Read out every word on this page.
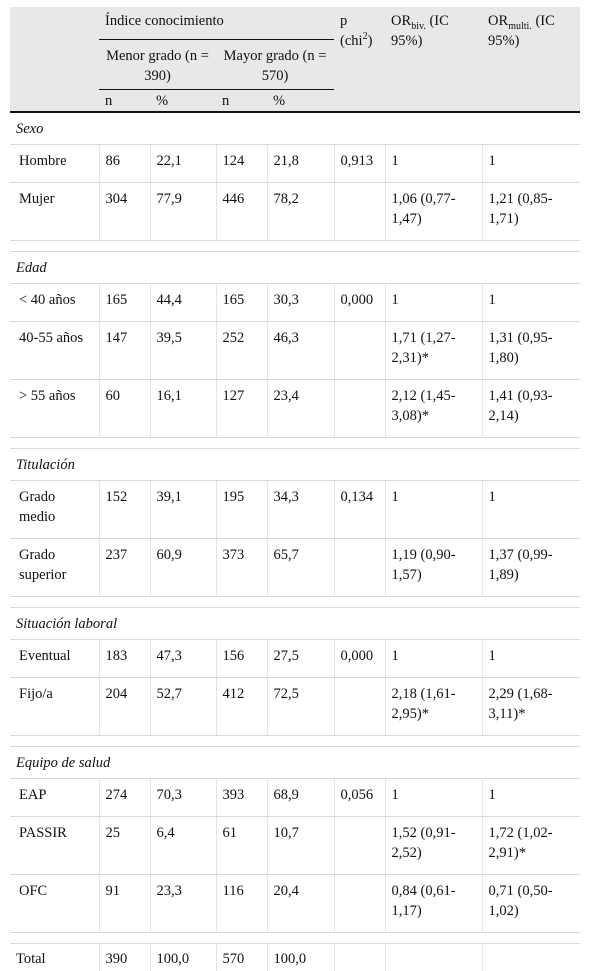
	Índice conocimiento				p (chi$^2$)	$OR_{biv.}$ (IC 95%)	$OR_{multi.}$ (IC 95%)
	Menor grado (n = 390)		Mayor grado (n = 570)				
	n	%	n	%			
Sexo							
Hombre	86	22,1	124	21,8	0,913	1	1
Mujer	304	77,9	446	78,2		1,06 (0,77-1,47)	1,21 (0,85-1,71)

Edad							
< 40 años	165	44,4	165	30,3	0,000	1	1
40-55 años	147	39,5	252	46,3		1,71 (1,27-2,31)*	1,31 (0,95-1,80)
> 55 años	60	16,1	127	23,4		2,12 (1,45-3,08)*	1,41 (0,93-2,14)

Titulación							
Grado medio	152	39,1	195	34,3	0,134	1	1
Grado superior	237	60,9	373	65,7		1,19 (0,90-1,57)	1,37 (0,99-1,89)

Situación laboral							
Eventual	183	47,3	156	27,5	0,000	1	1
Fijo/a	204	52,7	412	72,5		2,18 (1,61-2,95)*	2,29 (1,68-3,11)*

Equipo de salud							
EAP	274	70,3	393	68,9	0,056	1	1
PASSIR	25	6,4	61	10,7		1,52 (0,91-2,52)	1,72 (1,02-2,91)*
OFC	91	23,3	116	20,4		0,84 (0,61-1,17)	0,71 (0,50-1,02)

Total	390	100,0	570	100,0			
